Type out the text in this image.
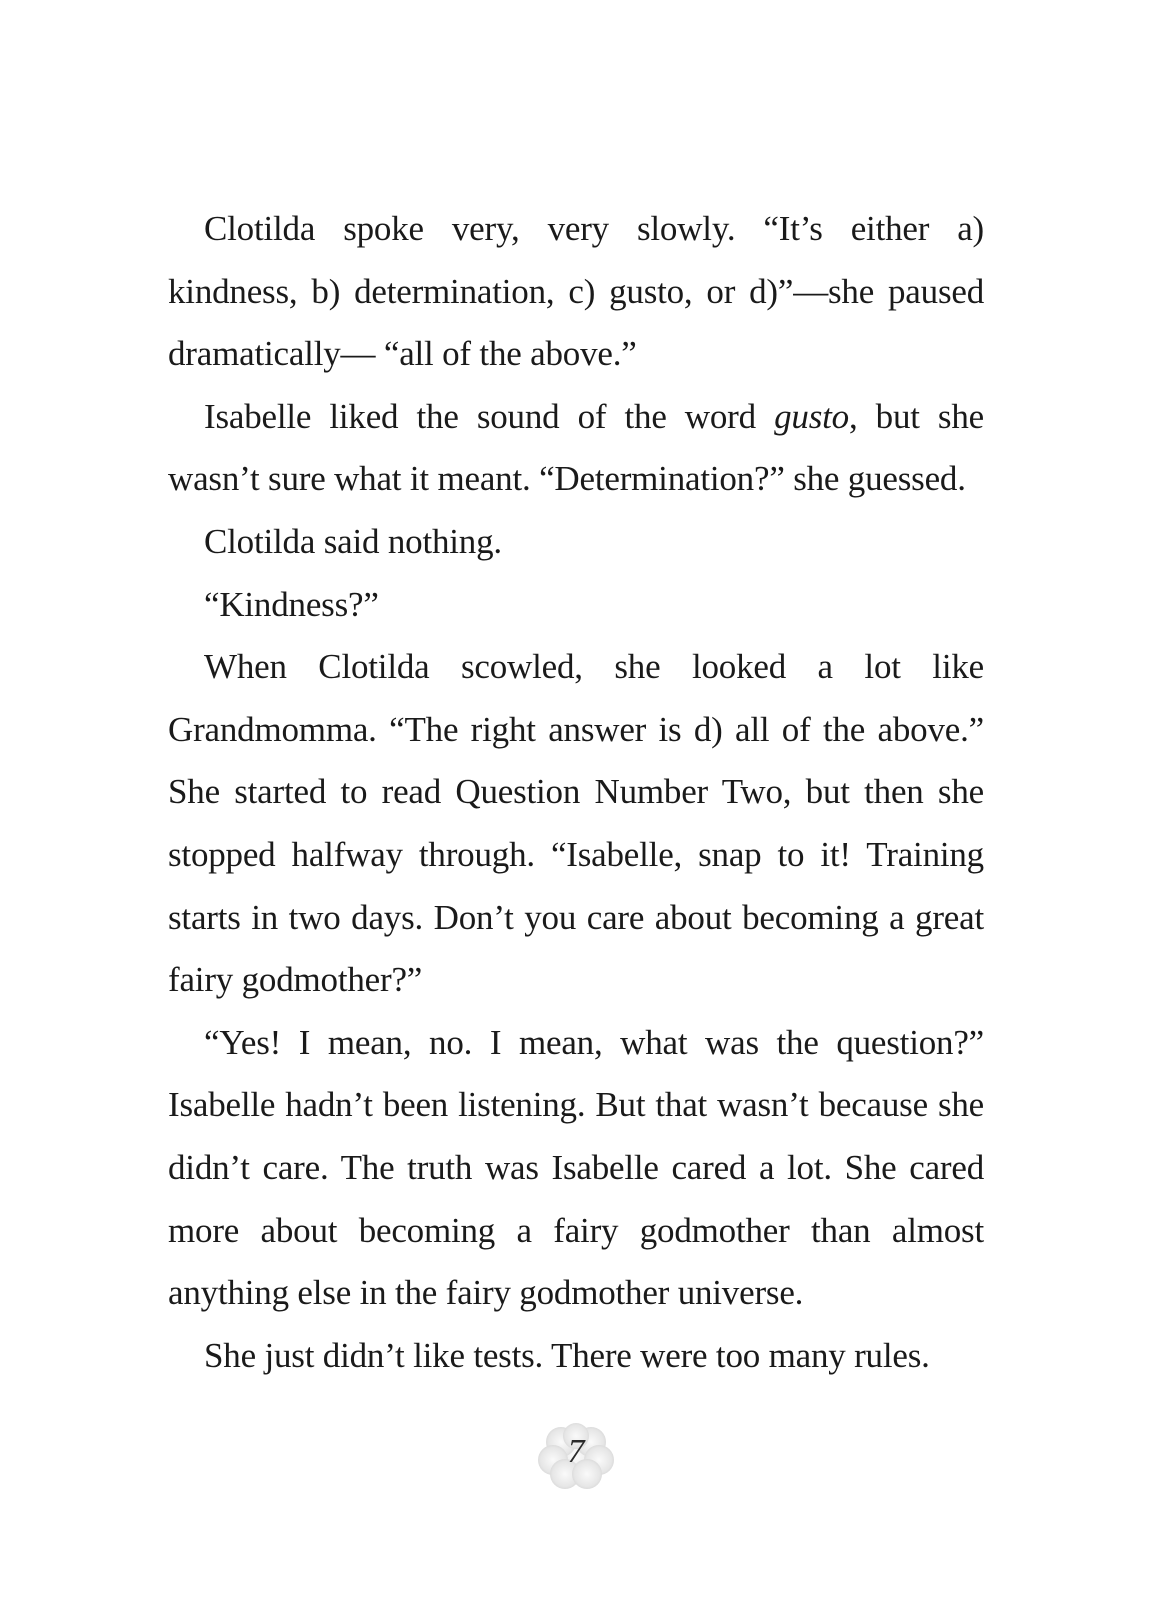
Clotilda spoke very, very slowly. “It’s either a) kindness, b) determination, c) gusto, or d)”—she paused dramatically— “all of the above.”

Isabelle liked the sound of the word gusto, but she wasn’t sure what it meant. “Determination?” she guessed.

Clotilda said nothing.

“Kindness?”

When Clotilda scowled, she looked a lot like Grandmomma. “The right answer is d) all of the above.” She started to read Question Number Two, but then she stopped halfway through. “Isabelle, snap to it! Training starts in two days. Don’t you care about becoming a great fairy godmother?”

“Yes! I mean, no. I mean, what was the question?” Isabelle hadn’t been listening. But that wasn’t because she didn’t care. The truth was Isabelle cared a lot. She cared more about becoming a fairy godmother than almost anything else in the fairy godmother universe.

She just didn’t like tests. There were too many rules.

7
